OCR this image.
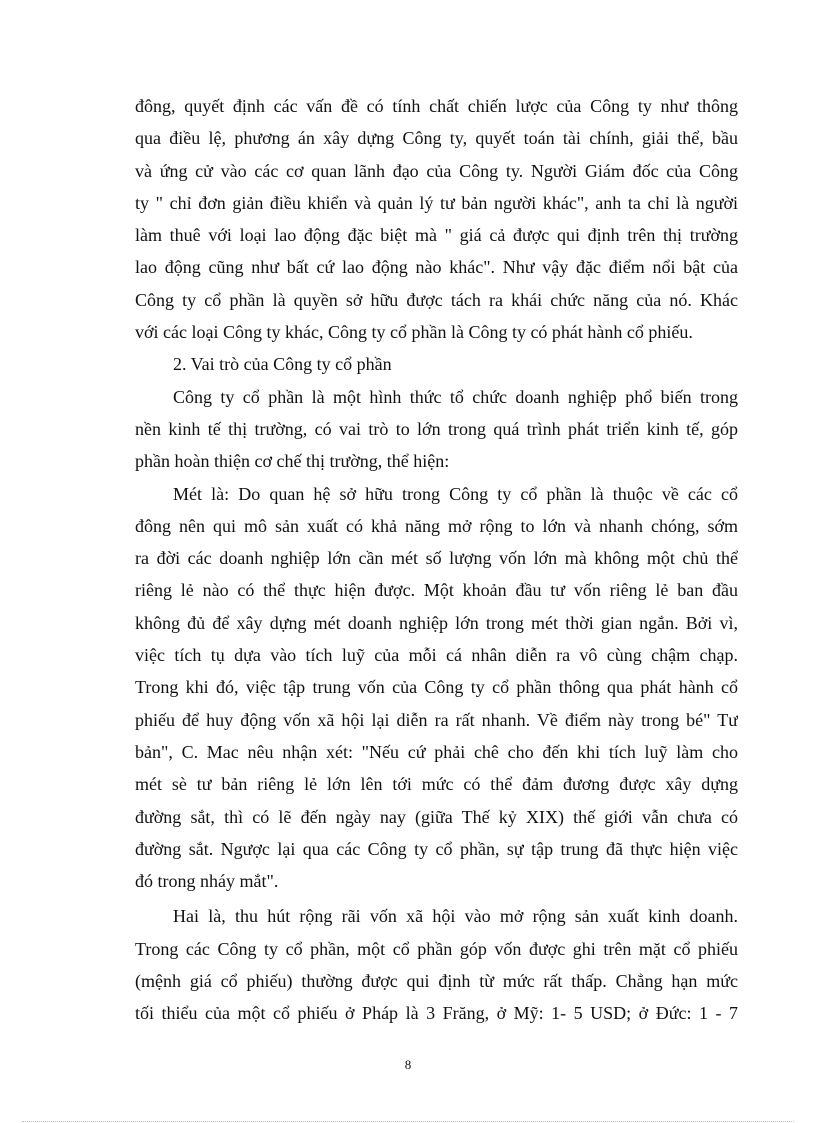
đông, quyết định các vấn đề có tính chất chiến lược của Công ty như thông
qua điều lệ, phương án xây dựng Công ty, quyết toán tài chính, giải thể, bầu
và ứng cử vào các cơ quan lãnh đạo của Công ty. Người Giám đốc của Công
ty " chỉ đơn giản điều khiển và quản lý tư bản người khác", anh ta chỉ là người
làm thuê với loại lao động đặc biệt mà " giá cả được qui định trên thị trường
lao động cũng như bất cứ lao động nào khác". Như vậy đặc điểm nổi bật của
Công ty cổ phần là quyền sở hữu được tách ra khái chức năng của nó. Khác
với các loại Công ty khác, Công ty cổ phần là Công ty có phát hành cổ phiếu.
2. Vai trò của Công ty cổ phần
Công ty cổ phần là một hình thức tổ chức doanh nghiệp phổ biến trong
nền kinh tế thị trường, có vai trò to lớn trong quá trình phát triển kinh tế, góp
phần hoàn thiện cơ chế thị trường, thể hiện:
Mét là: Do quan hệ sở hữu trong Công ty cổ phần là thuộc về các cổ
đông nên qui mô sản xuất có khả năng mở rộng to lớn và nhanh chóng, sớm
ra đời các doanh nghiệp lớn cần mét số lượng vốn lớn mà không một chủ thể
riêng lẻ nào có thể thực hiện được. Một khoản đầu tư vốn riêng lẻ ban đầu
không đủ để xây dựng mét doanh nghiệp lớn trong mét thời gian ngắn. Bởi vì,
việc tích tụ dựa vào tích luỹ của mỗi cá nhân diễn ra vô cùng chậm chạp.
Trong khi đó, việc tập trung vốn của Công ty cổ phần thông qua phát hành cổ
phiếu để huy động vốn xã hội lại diễn ra rất nhanh. Về điểm này trong bé" Tư
bản", C. Mac nêu nhận xét: "Nếu cứ phải chê cho đến khi tích luỹ làm cho
mét sè tư bản riêng lẻ lớn lên tới mức có thể đảm đương được xây dựng
đường sắt, thì có lẽ đến ngày nay (giữa Thế kỷ XIX) thế giới vẫn chưa có
đường sắt. Ngược lại qua các Công ty cổ phần, sự tập trung đã thực hiện việc
đó trong nháy mắt".
Hai là, thu hút rộng rãi vốn xã hội vào mở rộng sản xuất kinh doanh.
Trong các Công ty cổ phần, một cổ phần góp vốn được ghi trên mặt cổ phiếu
(mệnh giá cổ phiếu) thường được qui định từ mức rất thấp. Chẳng hạn mức
tối thiểu của một cổ phiếu ở Pháp là 3 Frăng, ở Mỹ: 1- 5 USD; ở Đức: 1 - 7
8
